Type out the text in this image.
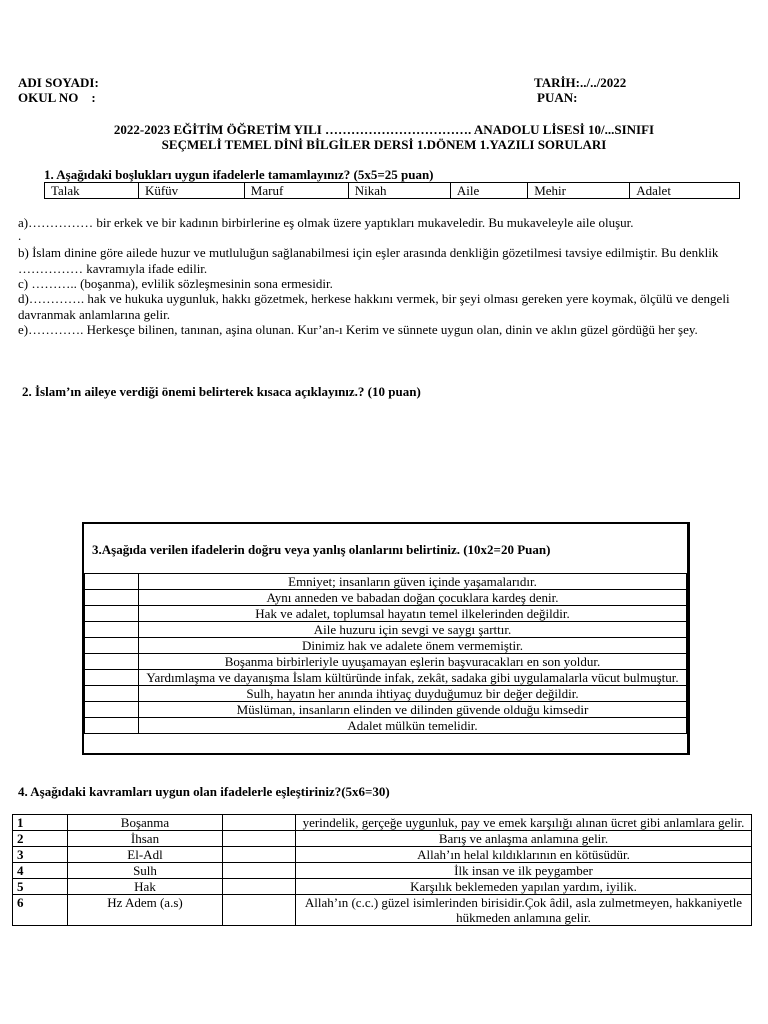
ADI SOYADI:
OKUL NO    :
TARİH:../../2022
PUAN:
2022-2023 EĞİTİM ÖĞRETİM YILI ……………………………. ANADOLU LİSESİ 10/...SINIFI
SEÇMELİ TEMEL DİNİ BİLGİLER DERSİ 1.DÖNEM 1.YAZILI SORULARI
1. Aşağıdaki boşlukları uygun ifadelerle tamamlayınız? (5x5=25 puan)
Talak	Küfüv	Maruf	Nikah	Aile	Mehir	Adalet
a)…………… bir erkek ve bir kadının birbirlerine eş olmak üzere yaptıkları mukaveledir. Bu mukaveleyle aile oluşur.
.
b) İslam dinine göre ailede huzur ve mutluluğun sağlanabilmesi için eşler arasında denkliğin gözetilmesi tavsiye edilmiştir. Bu denklik …………… kavramıyla ifade edilir.
c) ……….. (boşanma), evlilik sözleşmesinin sona ermesidir.
d)…………. hak ve hukuka uygunluk, hakkı gözetmek, herkese hakkını vermek, bir şeyi olması gereken yere koymak, ölçülü ve dengeli davranmak anlamlarına gelir.
e)…………. Herkesçe bilinen, tanınan, aşina olunan. Kur’an-ı Kerim ve sünnete uygun olan, dinin ve aklın güzel gördüğü her şey.
2. İslam’ın aileye verdiği önemi belirterek kısaca açıklayınız.? (10 puan)
3.Aşağıda verilen ifadelerin doğru veya yanlış olanlarını belirtiniz. (10x2=20 Puan)
	Emniyet; insanların güven içinde yaşamalarıdır.
	Aynı anneden ve babadan doğan çocuklara kardeş denir.
	Hak ve adalet, toplumsal hayatın temel ilkelerinden değildir.
	Aile huzuru için sevgi ve saygı şarttır.
	Dinimiz hak ve adalete önem vermemiştir.
	Boşanma birbirleriyle uyuşamayan eşlerin başvuracakları en son yoldur.
	Yardımlaşma ve dayanışma İslam kültüründe infak, zekât, sadaka gibi uygulamalarla vücut bulmuştur.
	Sulh, hayatın her anında ihtiyaç duyduğumuz bir değer değildir.
	Müslüman, insanların elinden ve dilinden güvende olduğu kimsedir
	Adalet mülkün temelidir.
4. Aşağıdaki kavramları uygun olan ifadelerle eşleştiriniz?(5x6=30)
1	Boşanma		yerindelik, gerçeğe uygunluk, pay ve emek karşılığı alınan ücret gibi anlamlara gelir.
2	İhsan		Barış ve anlaşma anlamına gelir.
3	El-Adl		Allah’ın helal kıldıklarının en kötüsüdür.
4	Sulh		İlk insan ve ilk peygamber
5	Hak		Karşılık beklemeden yapılan yardım, iyilik.
6	Hz Adem (a.s)		Allah’ın (c.c.) güzel isimlerinden birisidir.Çok âdil, asla zulmetmeyen, hakkaniyetle hükmeden anlamına gelir.
